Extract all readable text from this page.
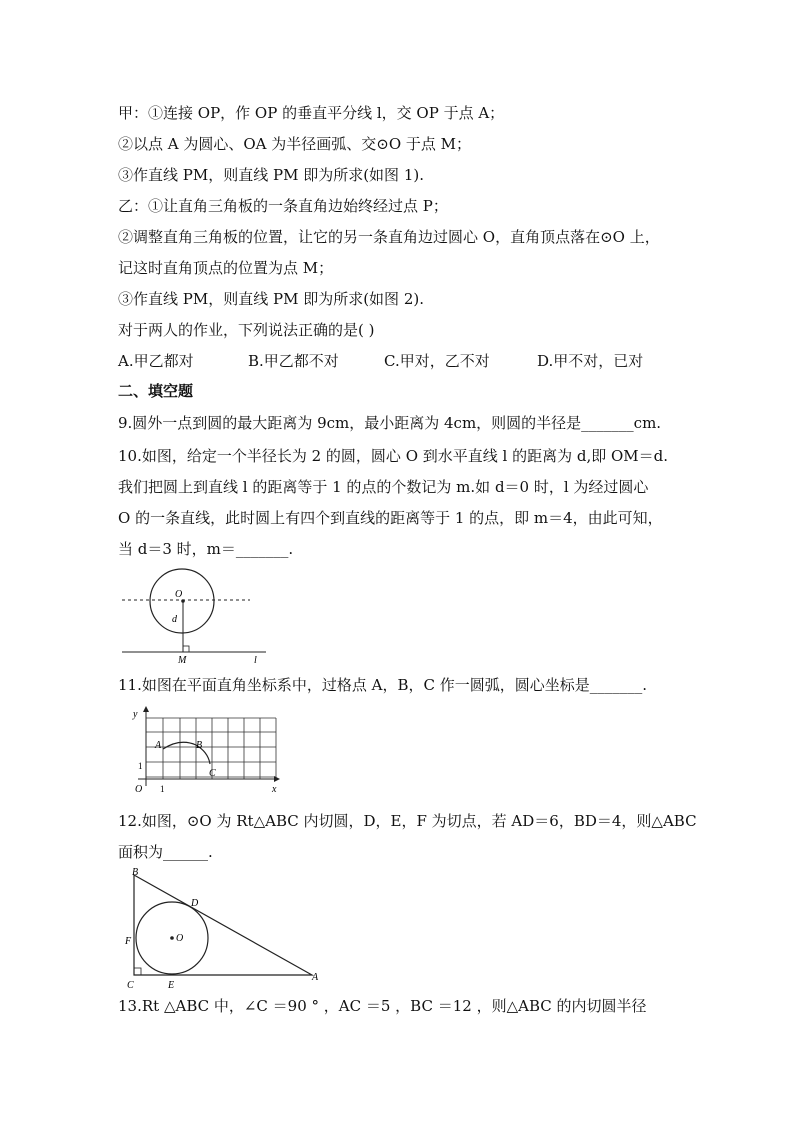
甲：①连接 OP，作 OP 的垂直平分线 l，交 OP 于点 A；
②以点 A 为圆心、OA 为半径画弧、交⊙O 于点 M；
③作直线 PM，则直线 PM 即为所求(如图 1).
乙：①让直角三角板的一条直角边始终经过点 P；
②调整直角三角板的位置，让它的另一条直角边过圆心 O，直角顶点落在⊙O 上，
记这时直角顶点的位置为点 M；
③作直线 PM，则直线 PM 即为所求(如图 2).
对于两人的作业，下列说法正确的是( )
A.甲乙都对	B.甲乙都不对	C.甲对，乙不对	D.甲不对，已对
二、填空题
9.圆外一点到圆的最大距离为 9cm，最小距离为 4cm，则圆的半径是_______cm.
10.如图，给定一个半径长为 2 的圆，圆心 O 到水平直线 l 的距离为 d,即 OM＝d.
我们把圆上到直线 l 的距离等于 1 的点的个数记为 m.如 d＝0 时，l 为经过圆心
O 的一条直线，此时圆上有四个到直线的距离等于 1 的点，即 m＝4，由此可知，
当 d＝3 时，m＝_______.
11.如图在平面直角坐标系中，过格点 A，B，C 作一圆弧，圆心坐标是_______.
12.如图，⊙O 为 Rt△ABC 内切圆，D，E，F 为切点，若 AD＝6，BD＝4，则△ABC
面积为______.
13.Rt △ABC 中，∠C ＝90 ° ，AC ＝5 ，BC ＝12 ，则△ABC 的内切圆半径
O
d
M	l
y
x
O 1
1
A	B
C
B
D
O
F
C	E
A
